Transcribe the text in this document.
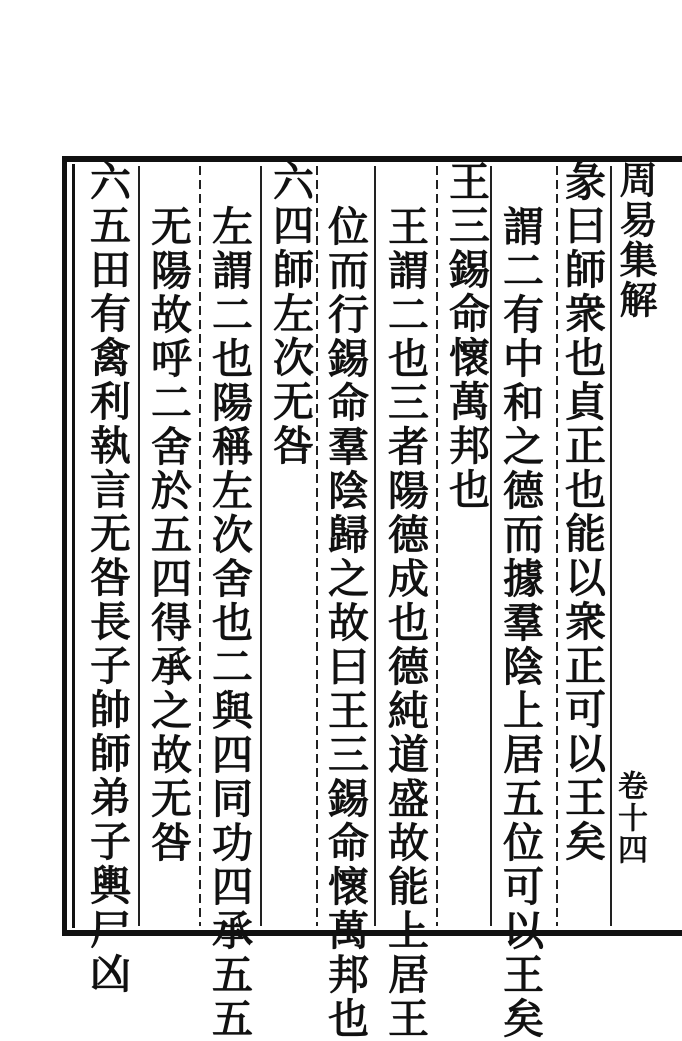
彖曰師衆也貞正也能以衆正可以王矣
謂二有中和之德而據羣陰上居五位可以王矣
王三錫命懷萬邦也
王謂二也三者陽德成也德純道盛故能上居王
位而行錫命羣陰歸之故曰王三錫命懷萬邦也
六四師左次无咎
左謂二也陽稱左次舍也二與四同功四承五五
无陽故呼二舍於五四得承之故无咎
六五田有禽利執言无咎長子帥師弟子輿尸凶	周易集解
卷十四
